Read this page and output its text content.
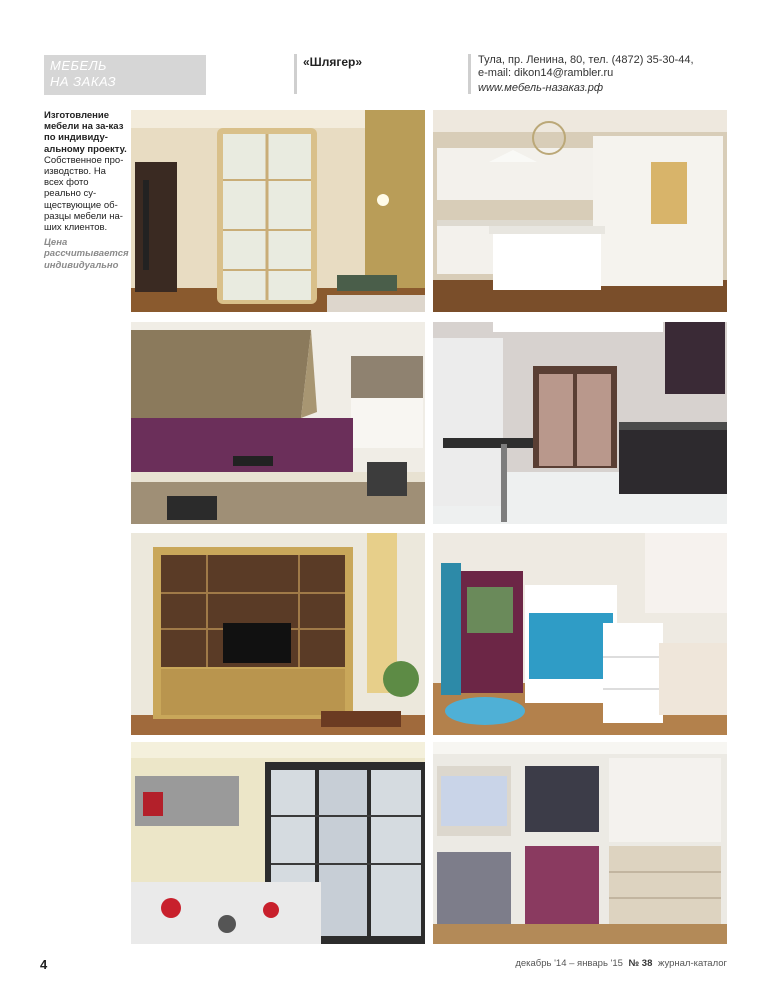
МЕБЕЛЬ
НА ЗАКАЗ
«Шлягер»	Тула, пр. Ленина, 80, тел. (4872) 35-30-44,
e-mail: dikon14@rambler.ru
www.мебель-назаказ.рф
Изготовление мебели на за-каз по индивиду-альному проекту.
Собственное про-изводство. На всех фото реально су-ществующие об-разцы мебели на-ших клиентов.
Цена рассчитывается индивидуально
4	декабрь '14 – январь '15 № 38 журнал-каталог
